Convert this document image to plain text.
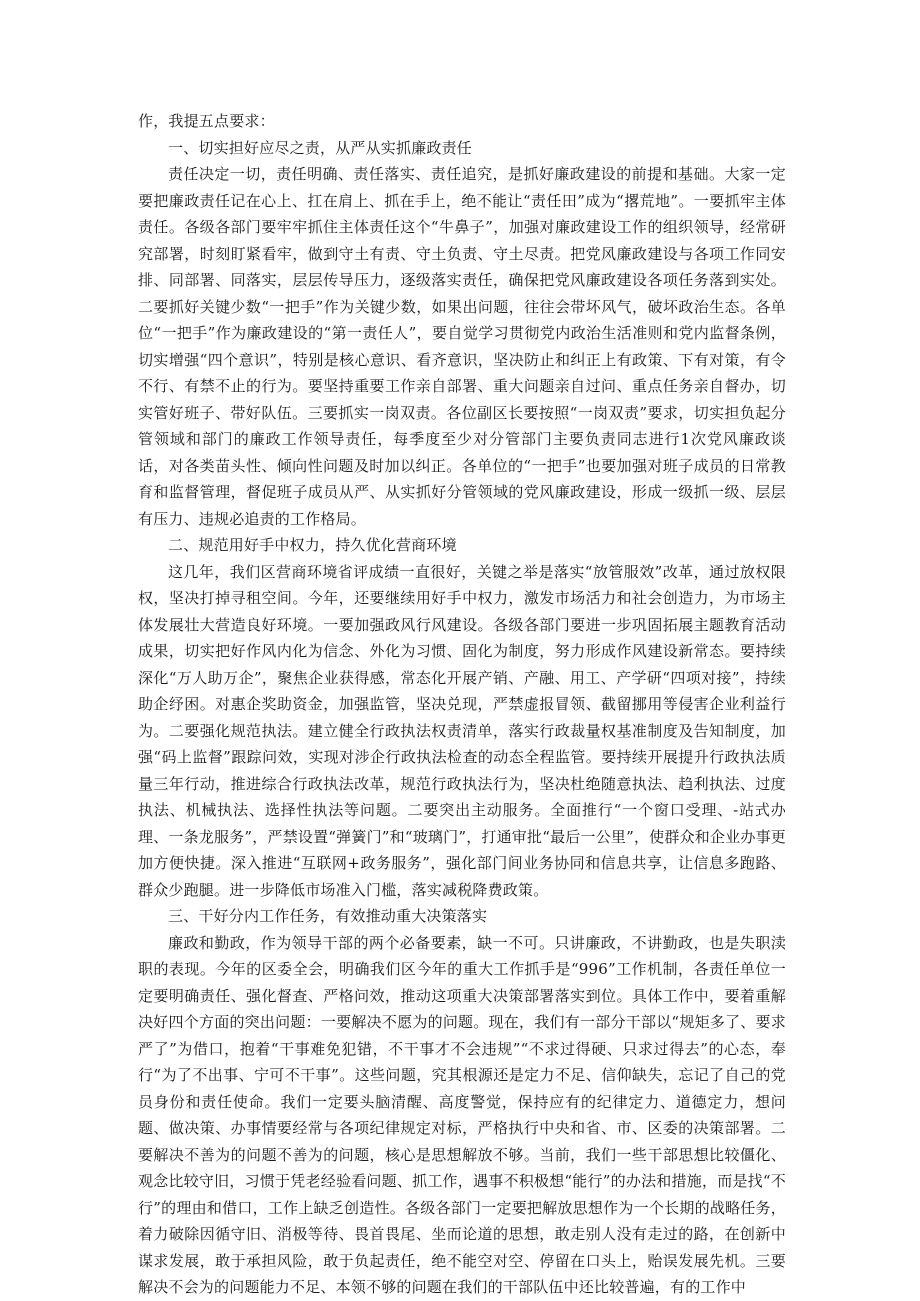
作，我提五点要求：

一、切实担好应尽之责，从严从实抓廉政责任

责任决定一切，责任明确、责任落实、责任追究，是抓好廉政建设的前提和基础。大家一定要把廉政责任记在心上、扛在肩上、抓在手上，绝不能让“责任田”成为“撂荒地”。一要抓牢主体责任。各级各部门要牢牢抓住主体责任这个“牛鼻子”，加强对廉政建设工作的组织领导，经常研究部署，时刻盯紧看牢，做到守土有责、守土负责、守土尽责。把党风廉政建设与各项工作同安排、同部署、同落实，层层传导压力，逐级落实责任，确保把党风廉政建设各项任务落到实处。二要抓好关键少数“一把手”作为关键少数，如果出问题，往往会带坏风气，破坏政治生态。各单位“一把手”作为廉政建设的“第一责任人”，要自觉学习贯彻党内政治生活准则和党内监督条例，切实增强“四个意识”，特别是核心意识、看齐意识，坚决防止和纠正上有政策、下有对策，有令不行、有禁不止的行为。要坚持重要工作亲自部署、重大问题亲自过问、重点任务亲自督办，切实管好班子、带好队伍。三要抓实一岗双责。各位副区长要按照“一岗双责”要求，切实担负起分管领域和部门的廉政工作领导责任，每季度至少对分管部门主要负责同志进行1次党风廉政谈话，对各类苗头性、倾向性问题及时加以纠正。各单位的“一把手”也要加强对班子成员的日常教育和监督管理，督促班子成员从严、从实抓好分管领域的党风廉政建设，形成一级抓一级、层层有压力、违规必追责的工作格局。

二、规范用好手中权力，持久优化营商环境

这几年，我们区营商环境省评成绩一直很好，关键之举是落实“放管服效”改革，通过放权限权，坚决打掉寻租空间。今年，还要继续用好手中权力，激发市场活力和社会创造力，为市场主体发展壮大营造良好环境。一要加强政风行风建设。各级各部门要进一步巩固拓展主题教育活动成果，切实把好作风内化为信念、外化为习惯、固化为制度，努力形成作风建设新常态。要持续深化“万人助万企”，聚焦企业获得感，常态化开展产销、产融、用工、产学研“四项对接”，持续助企纾困。对惠企奖助资金，加强监管，坚决兑现，严禁虚报冒领、截留挪用等侵害企业利益行为。二要强化规范执法。建立健全行政执法权责清单，落实行政裁量权基准制度及告知制度，加强“码上监督”跟踪问效，实现对涉企行政执法检查的动态全程监管。要持续开展提升行政执法质量三年行动，推进综合行政执法改革，规范行政执法行为，坚决杜绝随意执法、趋利执法、过度执法、机械执法、选择性执法等问题。二要突出主动服务。全面推行“一个窗口受理、-站式办理、一条龙服务”，严禁设置“弹簧门”和“玻璃门”，打通审批“最后一公里”，使群众和企业办事更加方便快捷。深入推进“互联网+政务服务”，强化部门间业务协同和信息共享，让信息多跑路、群众少跑腿。进一步降低市场准入门槛，落实减税降费政策。

三、干好分内工作任务，有效推动重大决策落实

廉政和勤政，作为领导干部的两个必备要素，缺一不可。只讲廉政，不讲勤政，也是失职渎职的表现。今年的区委全会，明确我们区今年的重大工作抓手是“996”工作机制，各责任单位一定要明确责任、强化督查、严格问效，推动这项重大决策部署落实到位。具体工作中，要着重解决好四个方面的突出问题：一要解决不愿为的问题。现在，我们有一部分干部以“规矩多了、要求严了”为借口，抱着“干事难免犯错，不干事才不会违规”“不求过得硬、只求过得去”的心态，奉行“为了不出事、宁可不干事”。这些问题，究其根源还是定力不足、信仰缺失，忘记了自己的党员身份和责任使命。我们一定要头脑清醒、高度警觉，保持应有的纪律定力、道德定力，想问题、做决策、办事情要经常与各项纪律规定对标，严格执行中央和省、市、区委的决策部署。二要解决不善为的问题不善为的问题，核心是思想解放不够。当前，我们一些干部思想比较僵化、观念比较守旧，习惯于凭老经验看问题、抓工作，遇事不积极想“能行”的办法和措施，而是找“不行”的理由和借口，工作上缺乏创造性。各级各部门一定要把解放思想作为一个长期的战略任务，着力破除因循守旧、消极等待、畏首畏尾、坐而论道的思想，敢走别人没有走过的路，在创新中谋求发展，敢于承担风险，敢于负起责任，绝不能空对空、停留在口头上，贻误发展先机。三要解决不会为的问题能力不足、本领不够的问题在我们的干部队伍中还比较普遍，有的工作中
